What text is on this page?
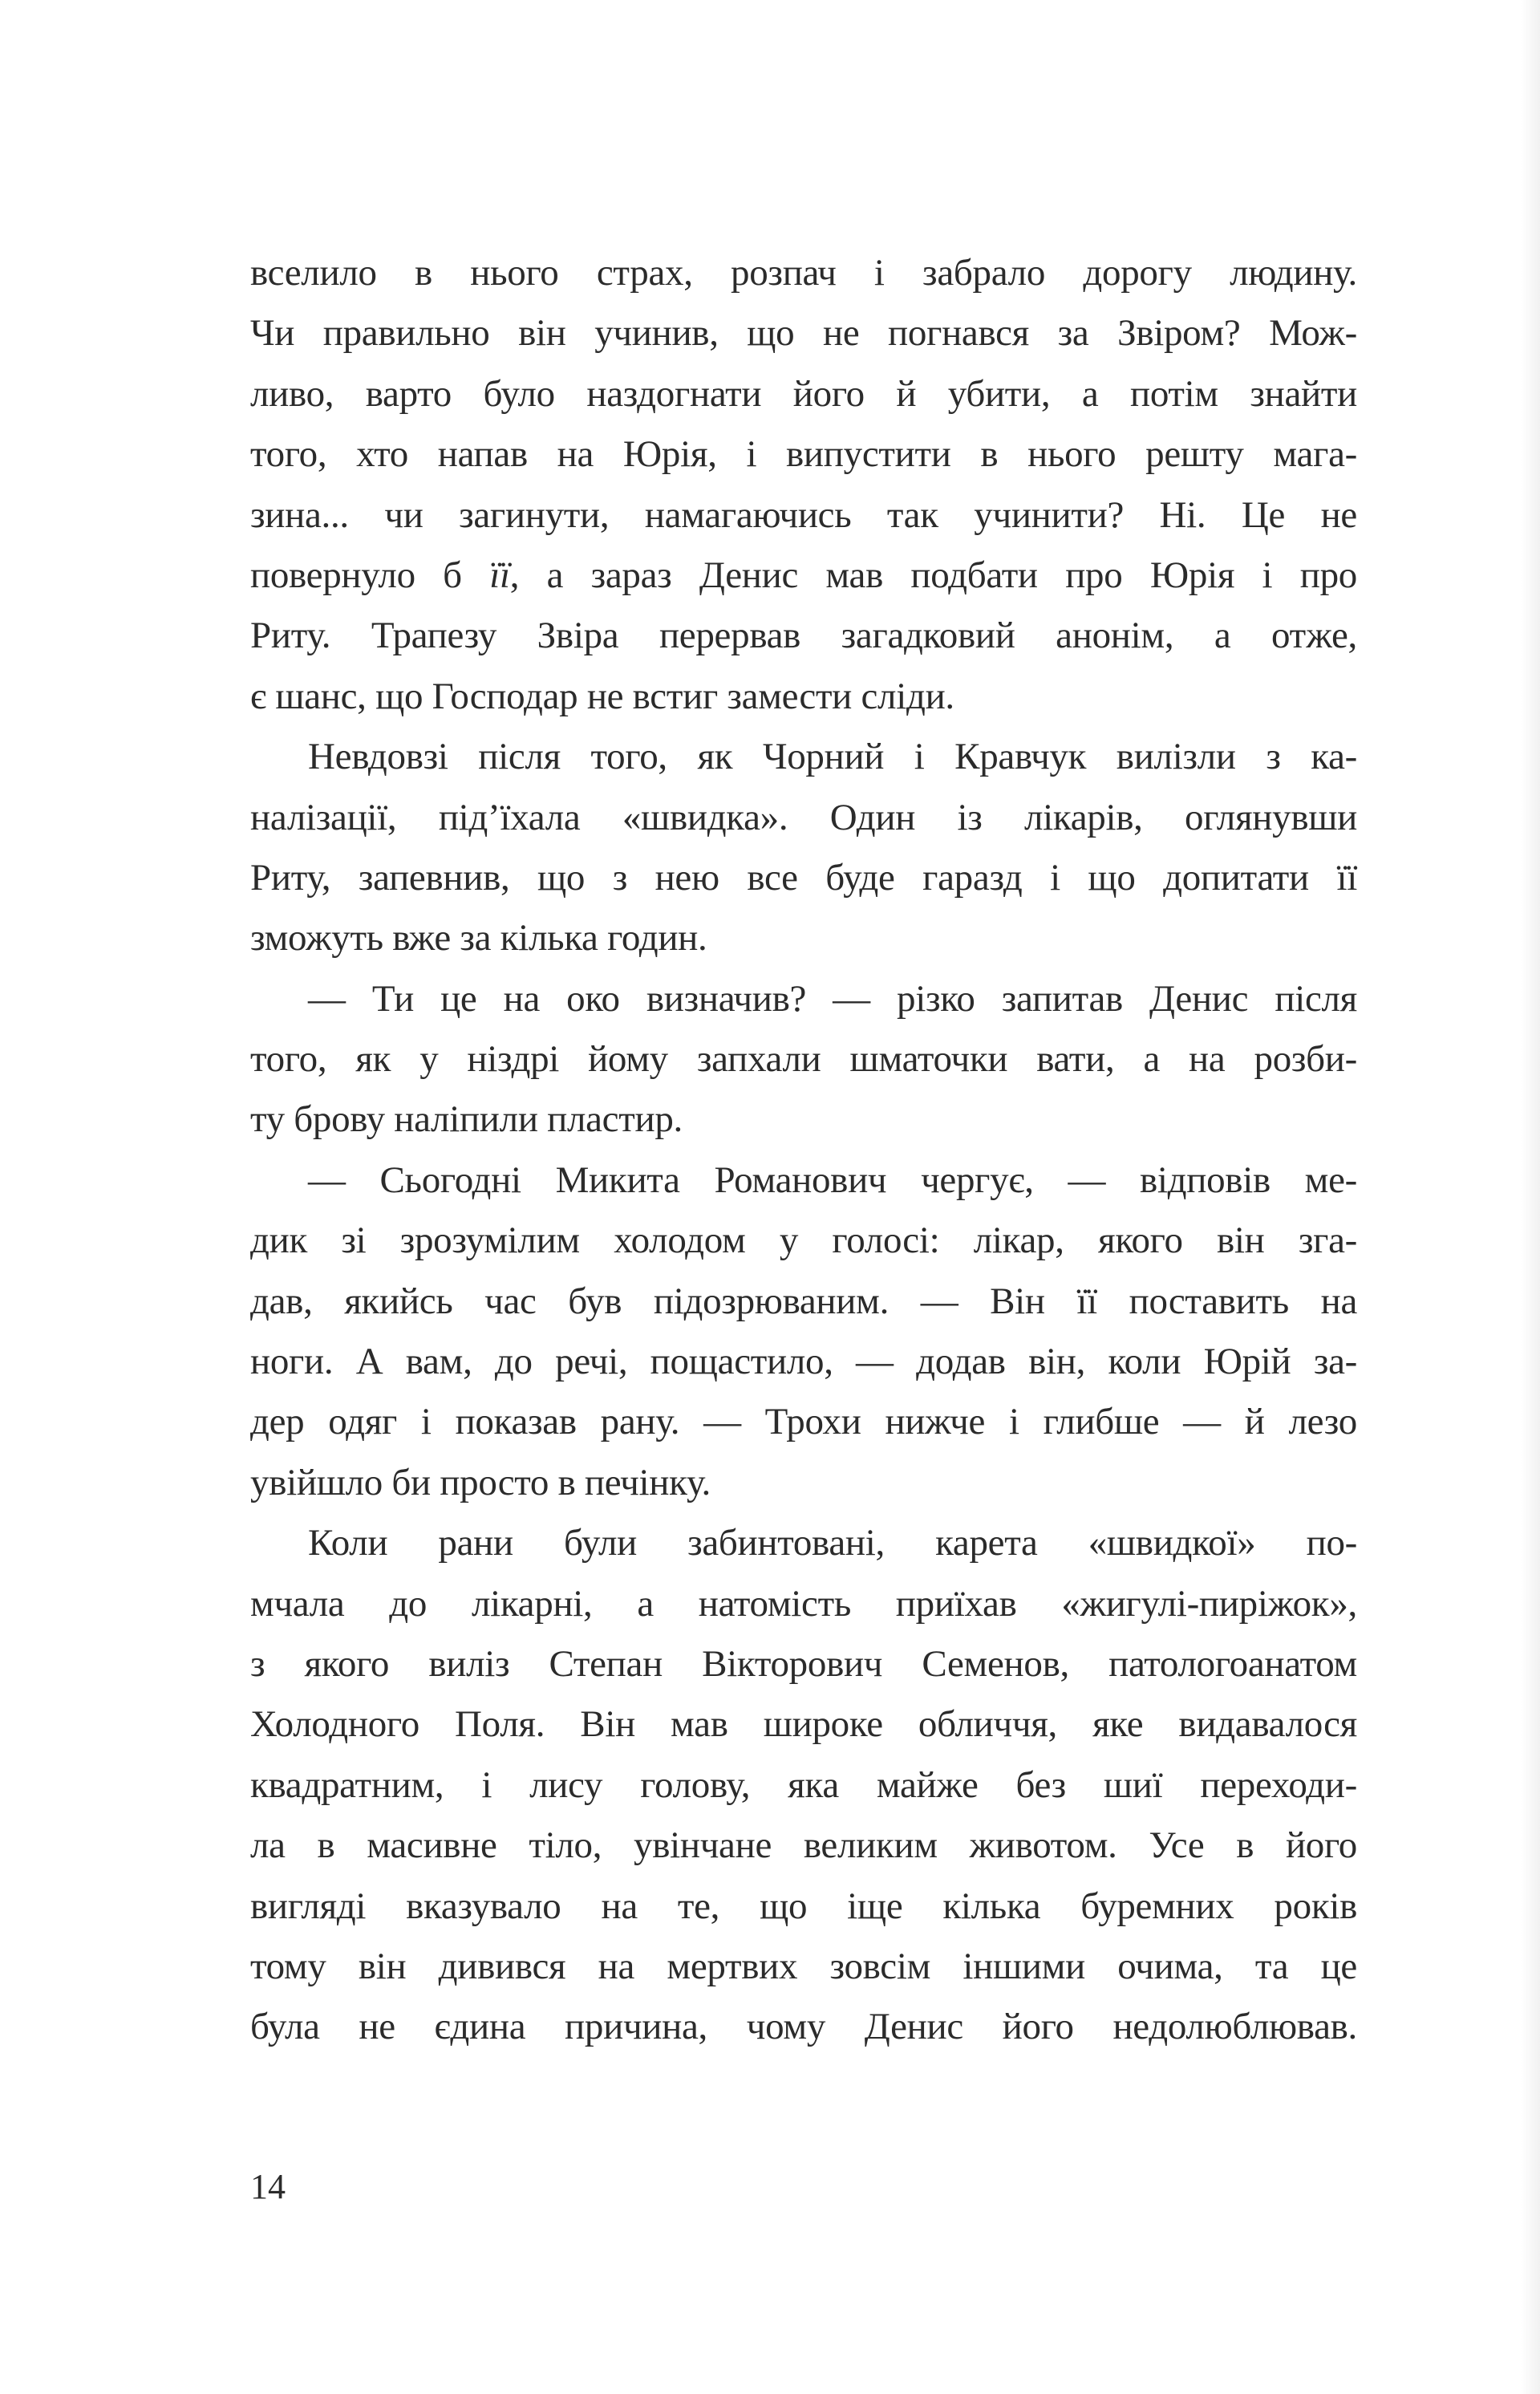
вселило в нього страх, розпач і забрало дорогу людину.
Чи правильно він учинив, що не погнався за Звіром? Мож-
ливо, варто було наздогнати його й убити, а потім знайти
того, хто напав на Юрія, і випустити в нього решту мага-
зина... чи загинути, намагаючись так учинити? Ні. Це не
повернуло б її, а зараз Денис мав подбати про Юрія і про
Риту. Трапезу Звіра перервав загадковий анонім, а отже,
є шанс, що Господар не встиг замести сліди.
Невдовзі після того, як Чорний і Кравчук вилізли з ка-
налізації, під’їхала «швидка». Один із лікарів, оглянувши
Риту, запевнив, що з нею все буде гаразд і що допитати її
зможуть вже за кілька годин.
— Ти це на око визначив? — різко запитав Денис після
того, як у ніздрі йому запхали шматочки вати, а на розби-
ту брову наліпили пластир.
— Сьогодні Микита Романович чергує, — відповів ме-
дик зі зрозумілим холодом у голосі: лікар, якого він зга-
дав, якийсь час був підозрюваним. — Він її поставить на
ноги. А вам, до речі, пощастило, — додав він, коли Юрій за-
дер одяг і показав рану. — Трохи нижче і глибше — й лезо
увійшло би просто в печінку.
Коли рани були забинтовані, карета «швидкої» по-
мчала до лікарні, а натомість приїхав «жигулі-пиріжок»,
з якого виліз Степан Вікторович Семенов, патологоанатом
Холодного Поля. Він мав широке обличчя, яке видавалося
квадратним, і лису голову, яка майже без шиї переходи-
ла в масивне тіло, увінчане великим животом. Усе в його
вигляді вказувало на те, що іще кілька буремних років
тому він дивився на мертвих зовсім іншими очима, та це
була не єдина причина, чому Денис його недолюблював.
14
